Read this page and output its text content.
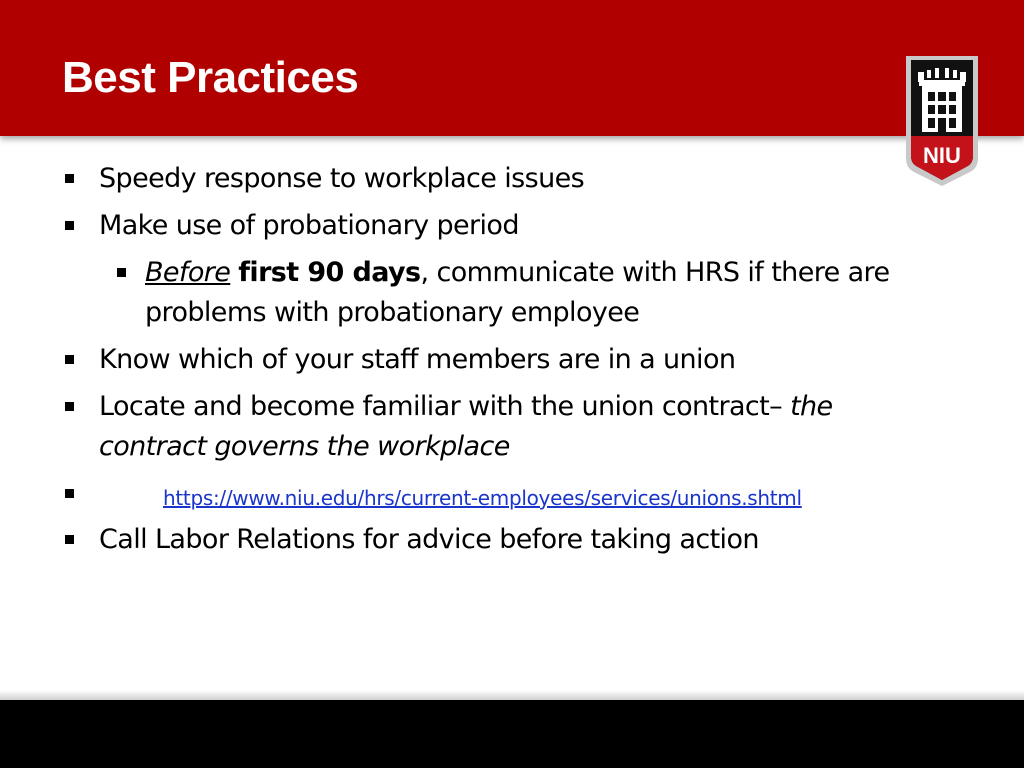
Best Practices
NIU
Speedy response to workplace issues
Make use of probationary period
Before first 90 days, communicate with HRS if there are
problems with probationary employee
Know which of your staff members are in a union
Locate and become familiar with the union contract– the
contract governs the workplace
https://www.niu.edu/hrs/current-employees/services/unions.shtml
Call Labor Relations for advice before taking action
